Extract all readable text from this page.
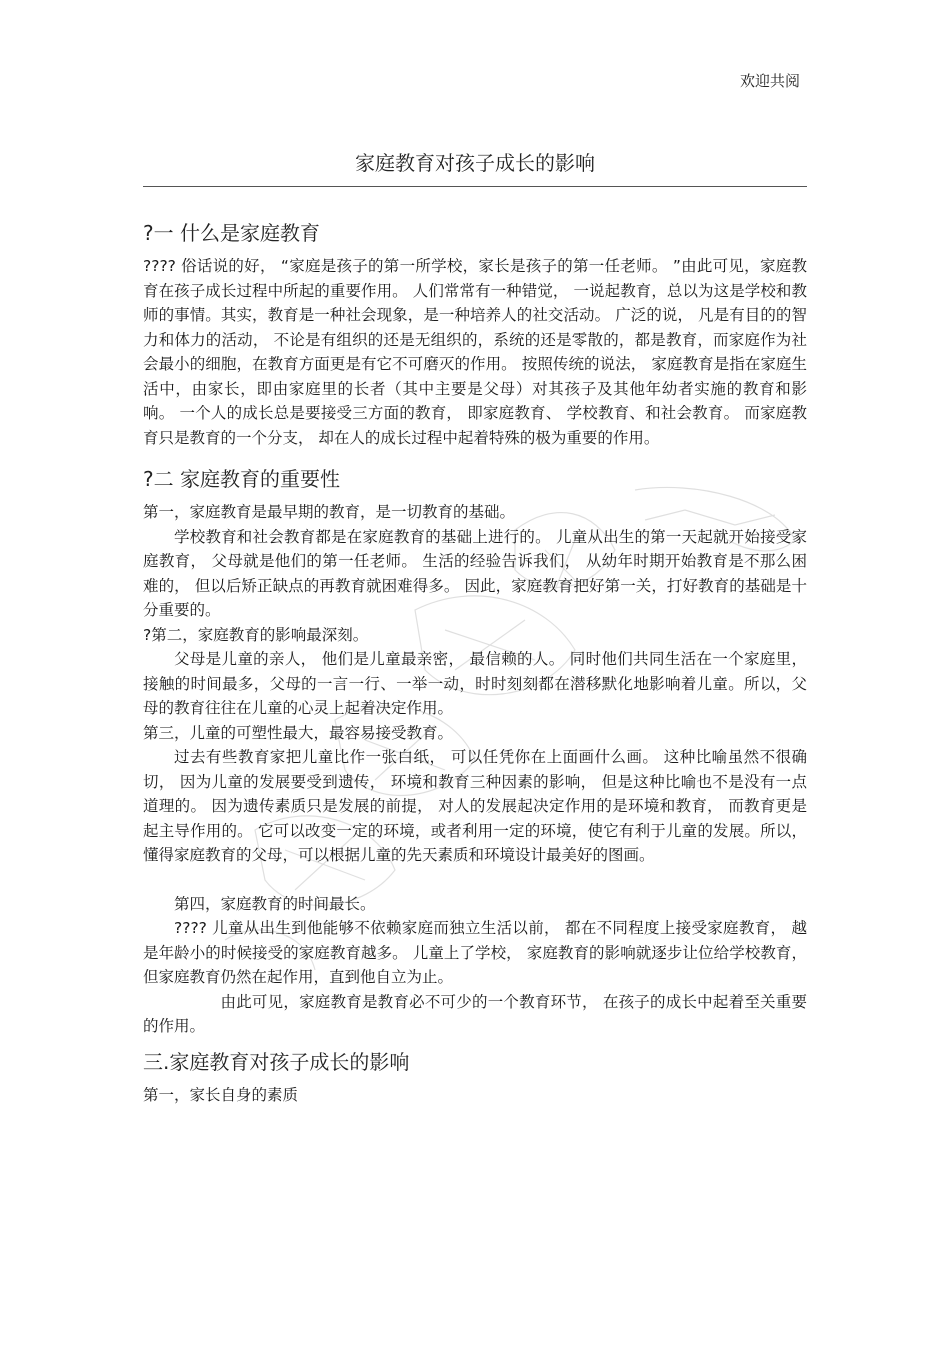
欢迎共阅
家庭教育对孩子成长的影响
?一 什么是家庭教育

???? 俗话说的好， “家庭是孩子的第一所学校，家长是孩子的第一任老师。 ”由此可见，家庭教育在孩子成长过程中所起的重要作用。 人们常常有一种错觉， 一说起教育，总以为这是学校和教师的事情。其实，教育是一种社会现象，是一种培养人的社交活动。 广泛的说， 凡是有目的的智力和体力的活动， 不论是有组织的还是无组织的，系统的还是零散的，都是教育，而家庭作为社会最小的细胞，在教育方面更是有它不可磨灭的作用。 按照传统的说法， 家庭教育是指在家庭生活中，由家长，即由家庭里的长者（其中主要是父母）对其孩子及其他年幼者实施的教育和影响。 一个人的成长总是要接受三方面的教育， 即家庭教育、 学校教育、和社会教育。 而家庭教育只是教育的一个分支， 却在人的成长过程中起着特殊的极为重要的作用。

?二 家庭教育的重要性

第一，家庭教育是最早期的教育，是一切教育的基础。

学校教育和社会教育都是在家庭教育的基础上进行的。 儿童从出生的第一天起就开始接受家庭教育， 父母就是他们的第一任老师。 生活的经验告诉我们， 从幼年时期开始教育是不那么困难的， 但以后矫正缺点的再教育就困难得多。 因此，家庭教育把好第一关，打好教育的基础是十分重要的。

?第二，家庭教育的影响最深刻。

父母是儿童的亲人， 他们是儿童最亲密， 最信赖的人。 同时他们共同生活在一个家庭里，接触的时间最多，父母的一言一行、一举一动，时时刻刻都在潜移默化地影响着儿童。所以，父母的教育往往在儿童的心灵上起着决定作用。

第三，儿童的可塑性最大，最容易接受教育。

过去有些教育家把儿童比作一张白纸， 可以任凭你在上面画什么画。 这种比喻虽然不很确切， 因为儿童的发展要受到遗传， 环境和教育三种因素的影响， 但是这种比喻也不是没有一点道理的。 因为遗传素质只是发展的前提， 对人的发展起决定作用的是环境和教育， 而教育更是起主导作用的。 它可以改变一定的环境，或者利用一定的环境，使它有利于儿童的发展。所以，懂得家庭教育的父母，可以根据儿童的先天素质和环境设计最美好的图画。

第四，家庭教育的时间最长。

???? 儿童从出生到他能够不依赖家庭而独立生活以前， 都在不同程度上接受家庭教育， 越是年龄小的时候接受的家庭教育越多。 儿童上了学校， 家庭教育的影响就逐步让位给学校教育，但家庭教育仍然在起作用，直到他自立为止。

由此可见，家庭教育是教育必不可少的一个教育环节， 在孩子的成长中起着至关重要的作用。

三.家庭教育对孩子成长的影响

第一，家长自身的素质
